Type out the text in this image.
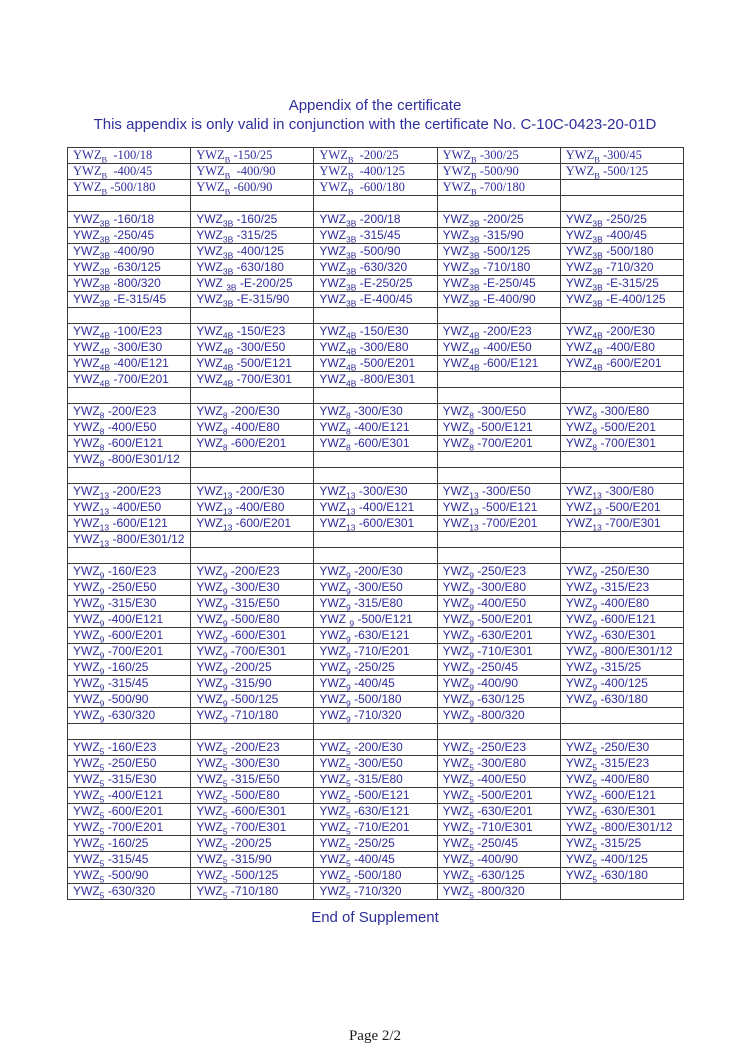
Appendix of the certificate
This appendix is only valid in conjunction with the certificate No. C-10C-0423-20-01D
$YWZ_B$  -100/18	$YWZ_B$ -150/25	$YWZ_B$  -200/25	$YWZ_B$ -300/25	$YWZ_B$ -300/45
$YWZ_B$  -400/45	$YWZ_B$  -400/90	$YWZ_B$  -400/125	$YWZ_B$ -500/90	$YWZ_B$ -500/125
$YWZ_B$ -500/180	$YWZ_B$ -600/90	$YWZ_B$  -600/180	$YWZ_B$ -700/180	

$YWZ_{3B}$ -160/18	$YWZ_{3B}$ -160/25	$YWZ_{3B}$ -200/18	$YWZ_{3B}$ -200/25	$YWZ_{3B}$ -250/25
$YWZ_{3B}$ -250/45	$YWZ_{3B}$ -315/25	$YWZ_{3B}$ -315/45	$YWZ_{3B}$ -315/90	$YWZ_{3B}$ -400/45
$YWZ_{3B}$ -400/90	$YWZ_{3B}$ -400/125	$YWZ_{3B}$ -500/90	$YWZ_{3B}$ -500/125	$YWZ_{3B}$ -500/180
$YWZ_{3B}$ -630/125	$YWZ_{3B}$ -630/180	$YWZ_{3B}$ -630/320	$YWZ_{3B}$ -710/180	$YWZ_{3B}$ -710/320
$YWZ_{3B}$ -800/320	YWZ $_{3B}$ -E-200/25	$YWZ_{3B}$ -E-250/25	$YWZ_{3B}$ -E-250/45	$YWZ_{3B}$ -E-315/25
$YWZ_{3B}$ -E-315/45	$YWZ_{3B}$ -E-315/90	$YWZ_{3B}$ -E-400/45	$YWZ_{3B}$ -E-400/90	$YWZ_{3B}$ -E-400/125

$YWZ_{4B}$ -100/E23	$YWZ_{4B}$ -150/E23	$YWZ_{4B}$ -150/E30	$YWZ_{4B}$ -200/E23	$YWZ_{4B}$ -200/E30
$YWZ_{4B}$ -300/E30	$YWZ_{4B}$ -300/E50	$YWZ_{4B}$ -300/E80	$YWZ_{4B}$ -400/E50	$YWZ_{4B}$ -400/E80
$YWZ_{4B}$ -400/E121	$YWZ_{4B}$ -500/E121	$YWZ_{4B}$ -500/E201	$YWZ_{4B}$ -600/E121	$YWZ_{4B}$ -600/E201
$YWZ_{4B}$ -700/E201	$YWZ_{4B}$ -700/E301	$YWZ_{4B}$ -800/E301		

$YWZ_8$ -200/E23	$YWZ_8$ -200/E30	$YWZ_8$ -300/E30	$YWZ_8$ -300/E50	$YWZ_8$ -300/E80
$YWZ_8$ -400/E50	$YWZ_8$ -400/E80	$YWZ_8$ -400/E121	$YWZ_8$ -500/E121	$YWZ_8$ -500/E201
$YWZ_8$ -600/E121	$YWZ_8$ -600/E201	$YWZ_8$ -600/E301	$YWZ_8$ -700/E201	$YWZ_8$ -700/E301
$YWZ_8$ -800/E301/12				

$YWZ_{13}$ -200/E23	$YWZ_{13}$ -200/E30	$YWZ_{13}$ -300/E30	$YWZ_{13}$ -300/E50	$YWZ_{13}$ -300/E80
$YWZ_{13}$ -400/E50	$YWZ_{13}$ -400/E80	$YWZ_{13}$ -400/E121	$YWZ_{13}$ -500/E121	$YWZ_{13}$ -500/E201
$YWZ_{13}$ -600/E121	$YWZ_{13}$ -600/E201	$YWZ_{13}$ -600/E301	$YWZ_{13}$ -700/E201	$YWZ_{13}$ -700/E301
$YWZ_{13}$ -800/E301/12				

$YWZ_9$ -160/E23	$YWZ_9$ -200/E23	$YWZ_9$ -200/E30	$YWZ_9$ -250/E23	$YWZ_9$ -250/E30
$YWZ_9$ -250/E50	$YWZ_9$ -300/E30	$YWZ_9$ -300/E50	$YWZ_9$ -300/E80	$YWZ_9$ -315/E23
$YWZ_9$ -315/E30	$YWZ_9$ -315/E50	$YWZ_9$ -315/E80	$YWZ_9$ -400/E50	$YWZ_9$ -400/E80
$YWZ_9$ -400/E121	$YWZ_9$ -500/E80	YWZ $_9$ -500/E121	$YWZ_9$ -500/E201	$YWZ_9$ -600/E121
$YWZ_9$ -600/E201	$YWZ_9$ -600/E301	$YWZ_9$ -630/E121	$YWZ_9$ -630/E201	$YWZ_9$ -630/E301
$YWZ_9$ -700/E201	$YWZ_9$ -700/E301	$YWZ_9$ -710/E201	$YWZ_9$ -710/E301	$YWZ_9$ -800/E301/12
$YWZ_9$ -160/25	$YWZ_9$ -200/25	$YWZ_9$ -250/25	$YWZ_9$ -250/45	$YWZ_9$ -315/25
$YWZ_9$ -315/45	$YWZ_9$ -315/90	$YWZ_9$ -400/45	$YWZ_9$ -400/90	$YWZ_9$ -400/125
$YWZ_9$ -500/90	$YWZ_9$ -500/125	$YWZ_9$ -500/180	$YWZ_9$ -630/125	$YWZ_9$ -630/180
$YWZ_9$ -630/320	$YWZ_9$ -710/180	$YWZ_9$ -710/320	$YWZ_9$ -800/320	

$YWZ_5$ -160/E23	$YWZ_5$ -200/E23	$YWZ_5$ -200/E30	$YWZ_5$ -250/E23	$YWZ_5$ -250/E30
$YWZ_5$ -250/E50	$YWZ_5$ -300/E30	$YWZ_5$ -300/E50	$YWZ_5$ -300/E80	$YWZ_5$ -315/E23
$YWZ_5$ -315/E30	$YWZ_5$ -315/E50	$YWZ_5$ -315/E80	$YWZ_5$ -400/E50	$YWZ_5$ -400/E80
$YWZ_5$ -400/E121	$YWZ_5$ -500/E80	$YWZ_5$ -500/E121	$YWZ_5$ -500/E201	$YWZ_5$ -600/E121
$YWZ_5$ -600/E201	$YWZ_5$ -600/E301	$YWZ_5$ -630/E121	$YWZ_5$ -630/E201	$YWZ_5$ -630/E301
$YWZ_5$ -700/E201	$YWZ_5$ -700/E301	$YWZ_5$ -710/E201	$YWZ_5$ -710/E301	$YWZ_5$ -800/E301/12
$YWZ_5$ -160/25	$YWZ_5$ -200/25	$YWZ_5$ -250/25	$YWZ_5$ -250/45	$YWZ_5$ -315/25
$YWZ_5$ -315/45	$YWZ_5$ -315/90	$YWZ_5$ -400/45	$YWZ_5$ -400/90	$YWZ_5$ -400/125
$YWZ_5$ -500/90	$YWZ_5$ -500/125	$YWZ_5$ -500/180	$YWZ_5$ -630/125	$YWZ_5$ -630/180
$YWZ_5$ -630/320	$YWZ_5$ -710/180	$YWZ_5$ -710/320	$YWZ_5$ -800/320	
End of Supplement
Page 2/2
